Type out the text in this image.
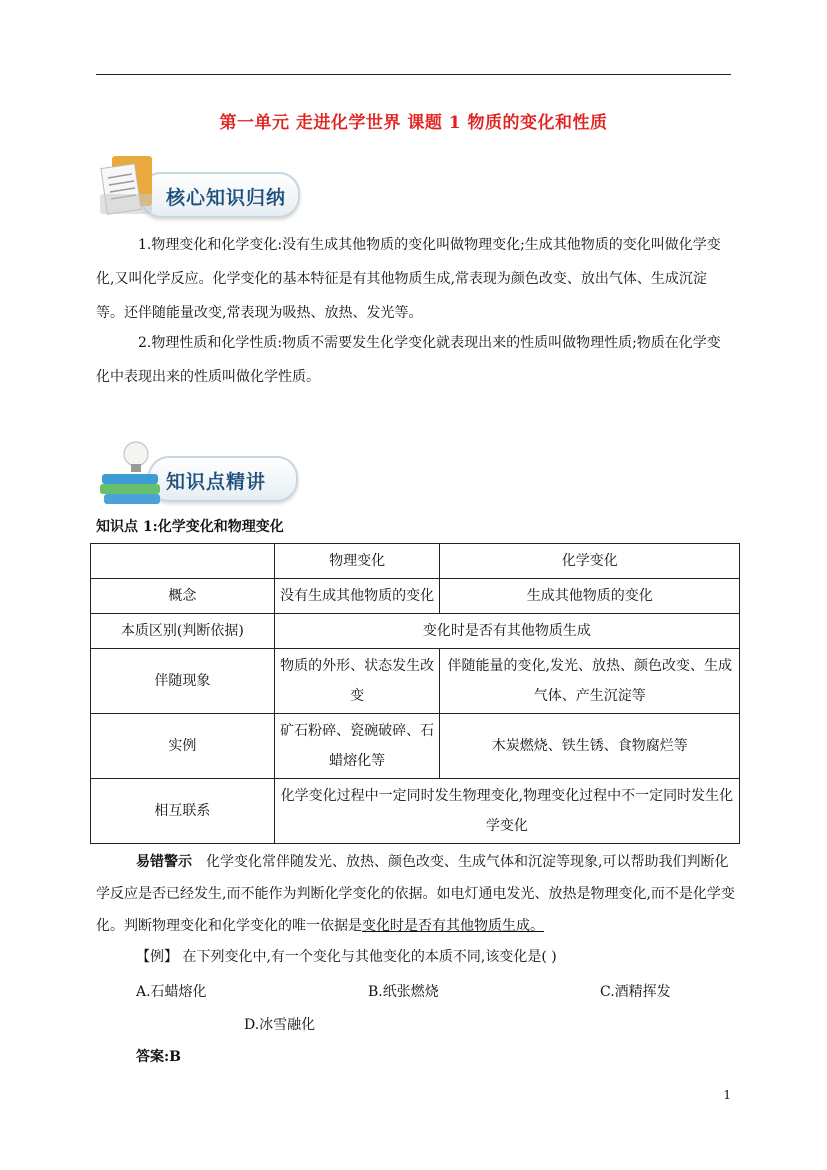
第一单元 走进化学世界 课题 1 物质的变化和性质
核心知识归纳
1.物理变化和化学变化:没有生成其他物质的变化叫做物理变化;生成其他物质的变化叫做化学变化,又叫化学反应。化学变化的基本特征是有其他物质生成,常表现为颜色改变、放出气体、生成沉淀等。还伴随能量改变,常表现为吸热、放热、发光等。
2.物理性质和化学性质:物质不需要发生化学变化就表现出来的性质叫做物理性质;物质在化学变化中表现出来的性质叫做化学性质。
知识点精讲
知识点 1:化学变化和物理变化
	物理变化	化学变化
概念	没有生成其他物质的变化	生成其他物质的变化
本质区别(判断依据)	变化时是否有其他物质生成	
伴随现象	物质的外形、状态发生改变	伴随能量的变化,发光、放热、颜色改变、生成气体、产生沉淀等
实例	矿石粉碎、瓷碗破碎、石蜡熔化等	木炭燃烧、铁生锈、食物腐烂等
相互联系	化学变化过程中一定同时发生物理变化,物理变化过程中不一定同时发生化学变化	
易错警示 化学变化常伴随发光、放热、颜色改变、生成气体和沉淀等现象,可以帮助我们判断化学反应是否已经发生,而不能作为判断化学变化的依据。如电灯通电发光、放热是物理变化,而不是化学变化。判断物理变化和化学变化的唯一依据是变化时是否有其他物质生成。
【例】 在下列变化中,有一个变化与其他变化的本质不同,该变化是( )
A.石蜡熔化	B.纸张燃烧	C.酒精挥发
D.冰雪融化
答案:B
1
